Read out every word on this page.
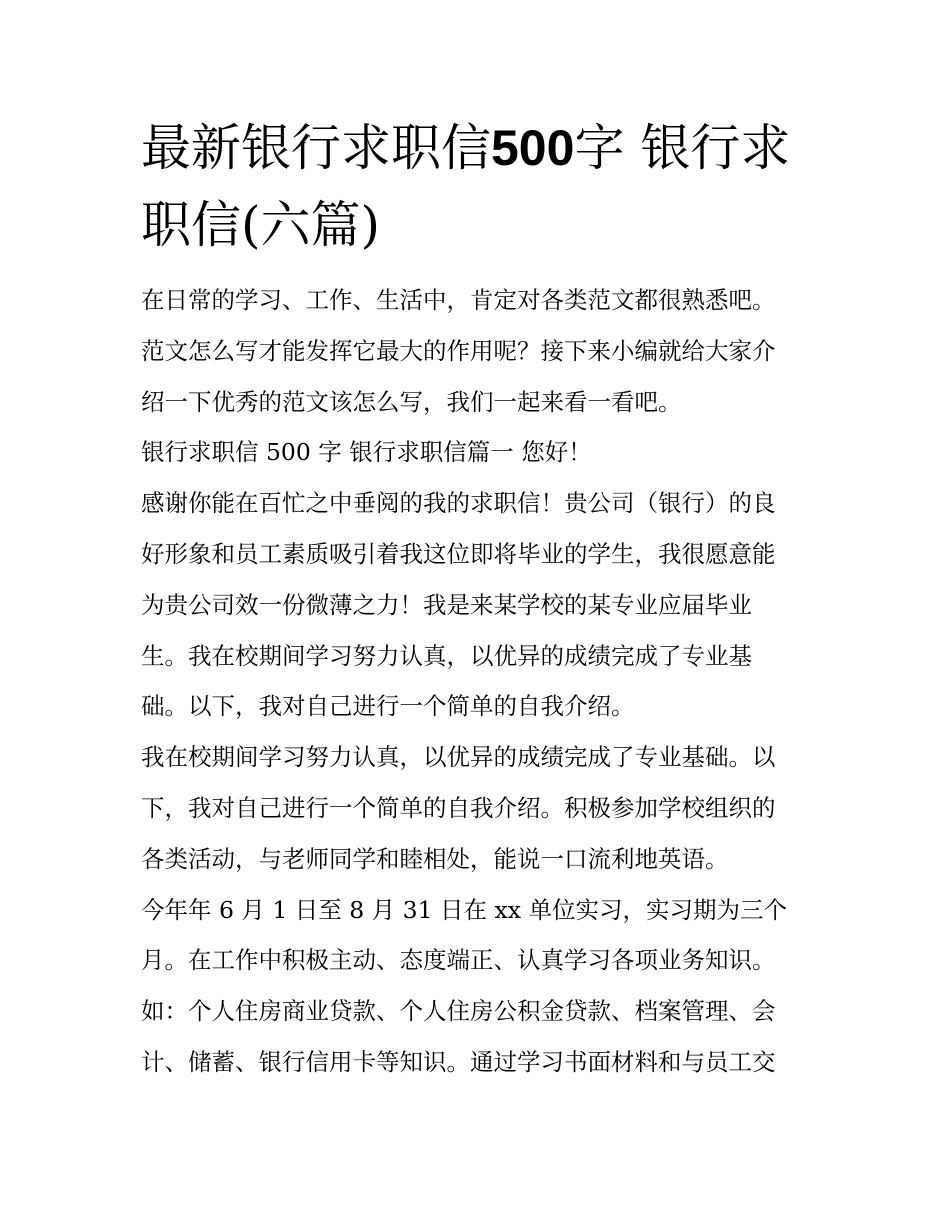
最新银行求职信500字 银行求
职信(六篇)
在日常的学习、工作、生活中，肯定对各类范文都很熟悉吧。
范文怎么写才能发挥它最大的作用呢？接下来小编就给大家介
绍一下优秀的范文该怎么写，我们一起来看一看吧。
银行求职信 500 字 银行求职信篇一 您好！
感谢你能在百忙之中垂阅的我的求职信！贵公司（银行）的良
好形象和员工素质吸引着我这位即将毕业的学生，我很愿意能
为贵公司效一份微薄之力！我是来某学校的某专业应届毕业
生。我在校期间学习努力认真，以优异的成绩完成了专业基
础。以下，我对自己进行一个简单的自我介绍。
我在校期间学习努力认真，以优异的成绩完成了专业基础。以
下，我对自己进行一个简单的自我介绍。积极参加学校组织的
各类活动，与老师同学和睦相处，能说一口流利地英语。
今年年 6 月 1 日至 8 月 31 日在 xx 单位实习，实习期为三个
月。在工作中积极主动、态度端正、认真学习各项业务知识。
如：个人住房商业贷款、个人住房公积金贷款、档案管理、会
计、储蓄、银行信用卡等知识。通过学习书面材料和与员工交
